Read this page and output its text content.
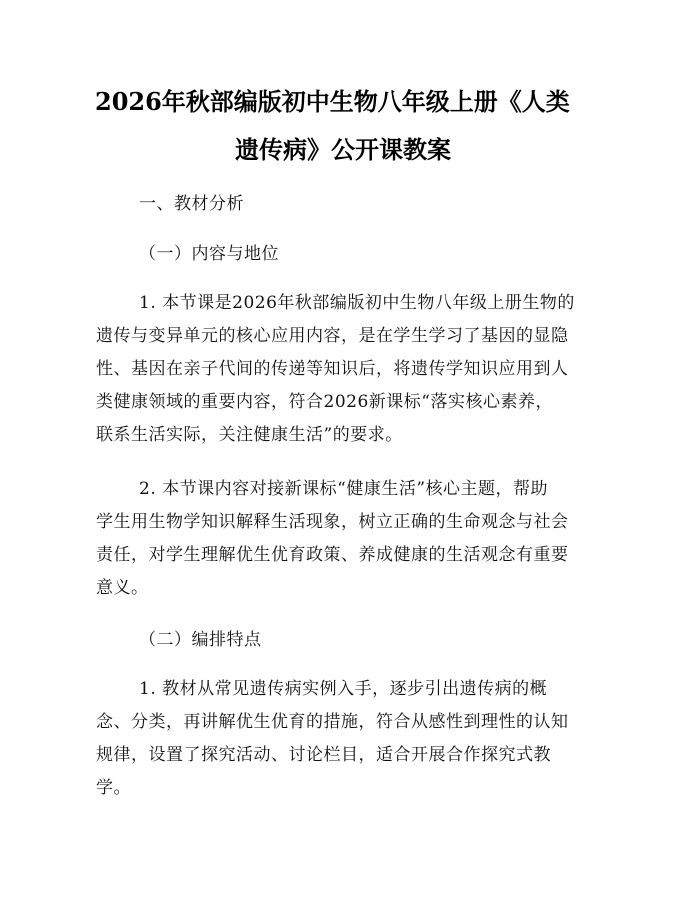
2026年秋部编版初中生物八年级上册《人类
遗传病》公开课教案
一、教材分析
（一）内容与地位
1. 本节课是2026年秋部编版初中生物八年级上册生物的
遗传与变异单元的核心应用内容，是在学生学习了基因的显隐
性、基因在亲子代间的传递等知识后，将遗传学知识应用到人
类健康领域的重要内容，符合2026新课标“落实核心素养，
联系生活实际，关注健康生活”的要求。
2. 本节课内容对接新课标“健康生活”核心主题，帮助
学生用生物学知识解释生活现象，树立正确的生命观念与社会
责任，对学生理解优生优育政策、养成健康的生活观念有重要
意义。
（二）编排特点
1. 教材从常见遗传病实例入手，逐步引出遗传病的概
念、分类，再讲解优生优育的措施，符合从感性到理性的认知
规律，设置了探究活动、讨论栏目，适合开展合作探究式教
学。
